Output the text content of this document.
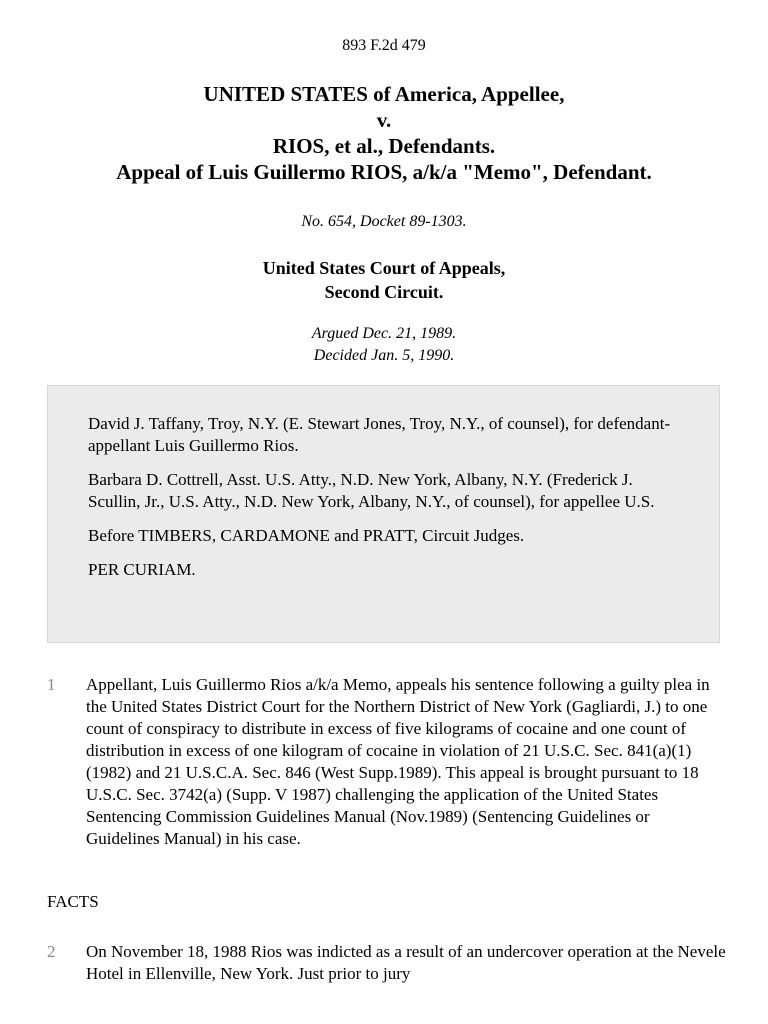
893 F.2d 479
UNITED STATES of America, Appellee,
v.
RIOS, et al., Defendants.
Appeal of Luis Guillermo RIOS, a/k/a "Memo", Defendant.
No. 654, Docket 89-1303.
United States Court of Appeals,
Second Circuit.
Argued Dec. 21, 1989.
Decided Jan. 5, 1990.

David J. Taffany, Troy, N.Y. (E. Stewart Jones, Troy, N.Y., of counsel), for defendant-appellant Luis Guillermo Rios.

Barbara D. Cottrell, Asst. U.S. Atty., N.D. New York, Albany, N.Y. (Frederick J. Scullin, Jr., U.S. Atty., N.D. New York, Albany, N.Y., of counsel), for appellee U.S.

Before TIMBERS, CARDAMONE and PRATT, Circuit Judges.

PER CURIAM.

1	Appellant, Luis Guillermo Rios a/k/a Memo, appeals his sentence following a guilty plea in the United States District Court for the Northern District of New York (Gagliardi, J.) to one count of conspiracy to distribute in excess of five kilograms of cocaine and one count of distribution in excess of one kilogram of cocaine in violation of 21 U.S.C. Sec. 841(a)(1) (1982) and 21 U.S.C.A. Sec. 846 (West Supp.1989). This appeal is brought pursuant to 18 U.S.C. Sec. 3742(a) (Supp. V 1987) challenging the application of the United States Sentencing Commission Guidelines Manual (Nov.1989) (Sentencing Guidelines or Guidelines Manual) in his case.
FACTS
2	On November 18, 1988 Rios was indicted as a result of an undercover operation at the Nevele Hotel in Ellenville, New York. Just prior to jury
